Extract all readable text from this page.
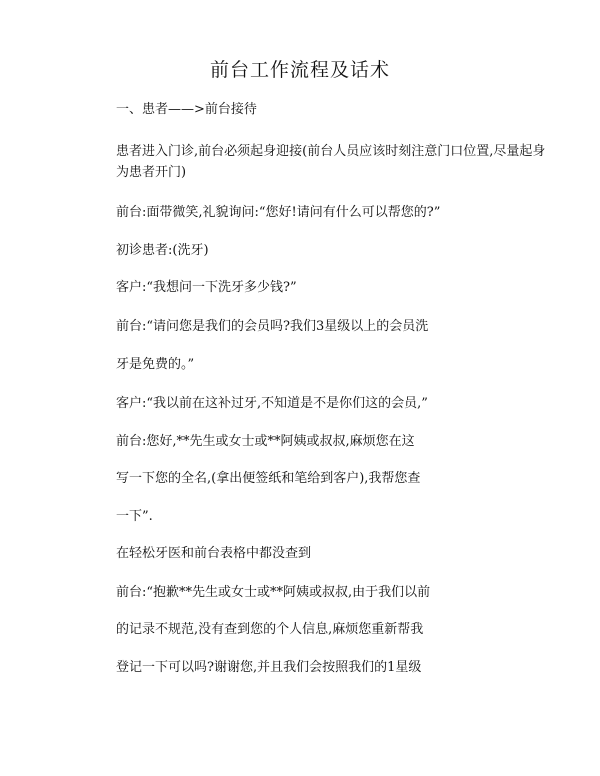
前台工作流程及话术
一、患者——>前台接待
患者进入门诊,前台必须起身迎接(前台人员应该时刻注意门口位置,尽量起身
为患者开门)
前台:面带微笑,礼貌询问:“您好!请问有什么可以帮您的?”
初诊患者:(洗牙)
客户:“我想问一下洗牙多少钱?”
前台:“请问您是我们的会员吗?我们3星级以上的会员洗
牙是免费的。”
客户:“我以前在这补过牙,不知道是不是你们这的会员,”
前台:您好,**先生或女士或**阿姨或叔叔,麻烦您在这
写一下您的全名,(拿出便签纸和笔给到客户),我帮您查
一下”.
在轻松牙医和前台表格中都没查到
前台:“抱歉**先生或女士或**阿姨或叔叔,由于我们以前
的记录不规范,没有查到您的个人信息,麻烦您重新帮我
登记一下可以吗?谢谢您,并且我们会按照我们的1星级
